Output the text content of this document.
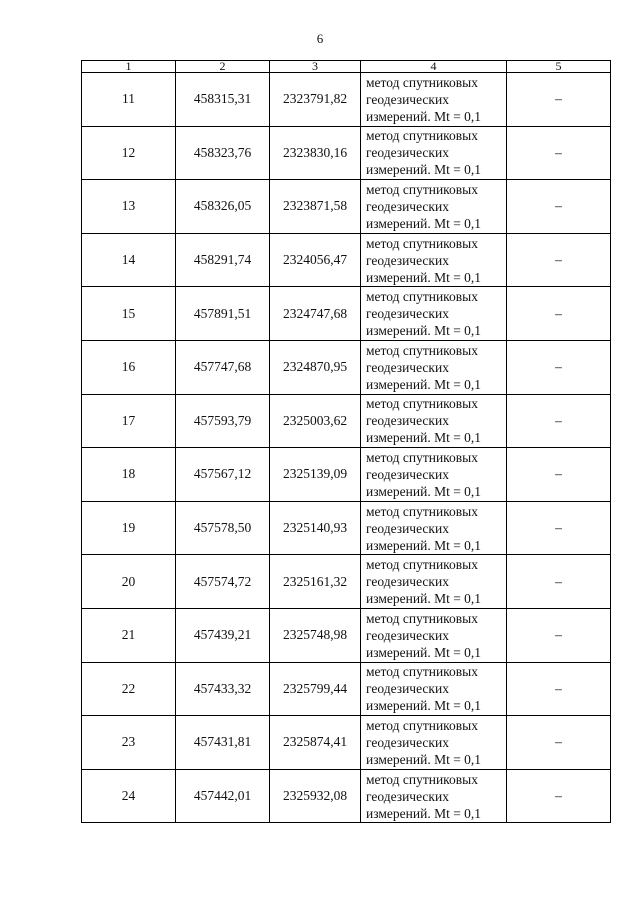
6
1	2	3	4	5
11	458315,31	2323791,82	метод спутниковых
геодезических
измерений. Mt = 0,1	–
12	458323,76	2323830,16	метод спутниковых
геодезических
измерений. Mt = 0,1	–
13	458326,05	2323871,58	метод спутниковых
геодезических
измерений. Mt = 0,1	–
14	458291,74	2324056,47	метод спутниковых
геодезических
измерений. Mt = 0,1	–
15	457891,51	2324747,68	метод спутниковых
геодезических
измерений. Mt = 0,1	–
16	457747,68	2324870,95	метод спутниковых
геодезических
измерений. Mt = 0,1	–
17	457593,79	2325003,62	метод спутниковых
геодезических
измерений. Mt = 0,1	–
18	457567,12	2325139,09	метод спутниковых
геодезических
измерений. Mt = 0,1	–
19	457578,50	2325140,93	метод спутниковых
геодезических
измерений. Mt = 0,1	–
20	457574,72	2325161,32	метод спутниковых
геодезических
измерений. Mt = 0,1	–
21	457439,21	2325748,98	метод спутниковых
геодезических
измерений. Mt = 0,1	–
22	457433,32	2325799,44	метод спутниковых
геодезических
измерений. Mt = 0,1	–
23	457431,81	2325874,41	метод спутниковых
геодезических
измерений. Mt = 0,1	–
24	457442,01	2325932,08	метод спутниковых
геодезических
измерений. Mt = 0,1	–
